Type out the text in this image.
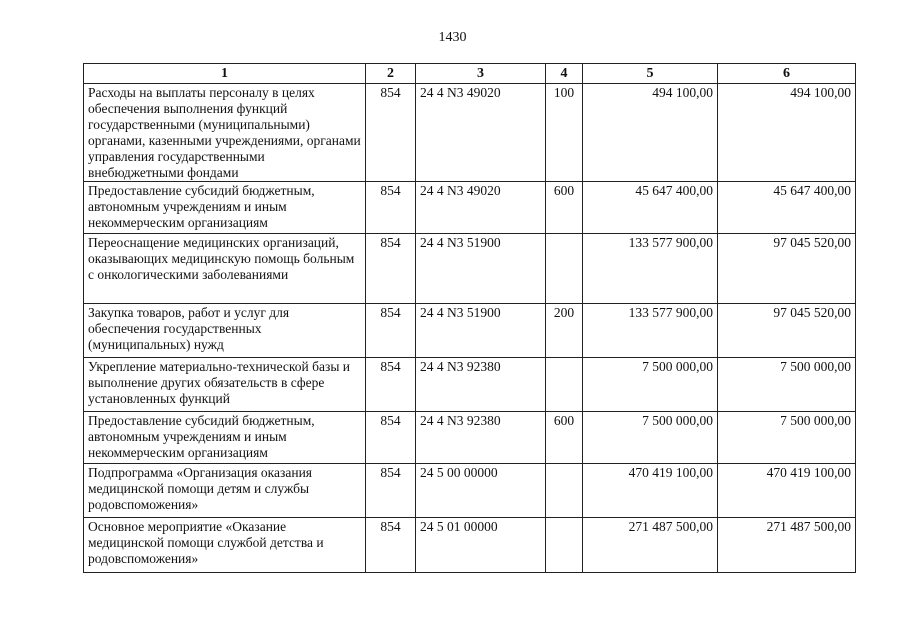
1430
1	2	3	4	5	6
Расходы на выплаты персоналу в целях обеспечения выполнения функций государственными (муниципальными) органами, казенными учреждениями, органами управления государственными внебюджетными фондами	854	24 4 N3 49020	100	494 100,00	494 100,00
Предоставление субсидий бюджетным, автономным учреждениям и иным некоммерческим организациям	854	24 4 N3 49020	600	45 647 400,00	45 647 400,00
Переоснащение медицинских организаций, оказывающих медицинскую помощь больным с онкологическими заболеваниями	854	24 4 N3 51900		133 577 900,00	97 045 520,00
Закупка товаров, работ и услуг для обеспечения государственных (муниципальных) нужд	854	24 4 N3 51900	200	133 577 900,00	97 045 520,00
Укрепление материально-технической базы и выполнение других обязательств в сфере установленных функций	854	24 4 N3 92380		7 500 000,00	7 500 000,00
Предоставление субсидий бюджетным, автономным учреждениям и иным некоммерческим организациям	854	24 4 N3 92380	600	7 500 000,00	7 500 000,00
Подпрограмма «Организация оказания медицинской помощи детям и службы родовспоможения»	854	24 5 00 00000		470 419 100,00	470 419 100,00
Основное мероприятие «Оказание медицинской помощи службой детства и родовспоможения»	854	24 5 01 00000		271 487 500,00	271 487 500,00
